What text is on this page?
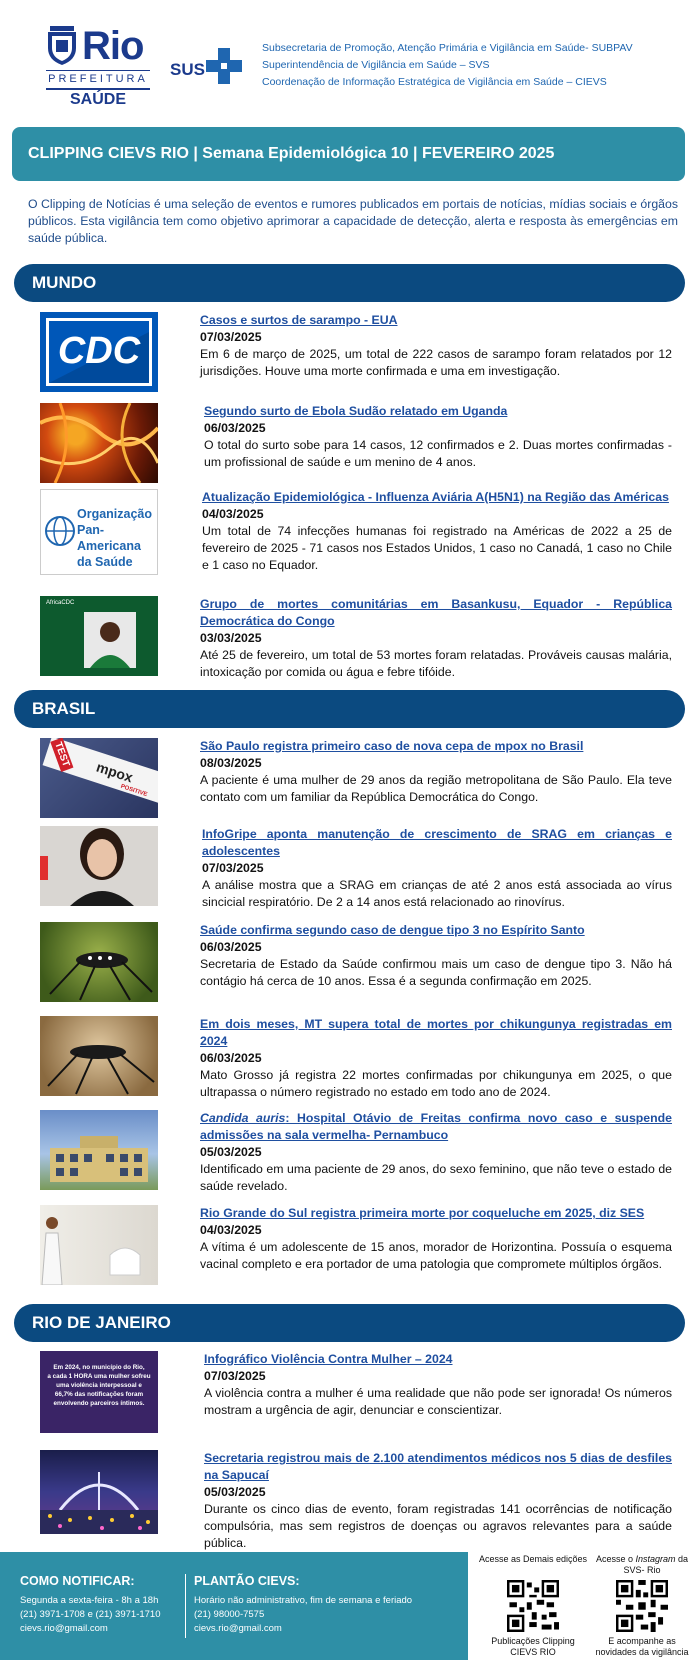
Rio
PREFEITURA
SAÚDE
SUS
Subsecretaria de Promoção, Atenção Primária e Vigilância em Saúde- SUBPAV
Superintendência de Vigilância em Saúde – SVS
Coordenação de Informação Estratégica de Vigilância em Saúde – CIEVS
CLIPPING CIEVS RIO | Semana Epidemiológica 10 | FEVEREIRO 2025
O Clipping de Notícias é uma seleção de eventos e rumores publicados em portais de notícias, mídias sociais e órgãos públicos. Esta vigilância tem como objetivo aprimorar a capacidade de detecção, alerta e resposta às emergências em saúde pública.
MUNDO
CDC
Casos e surtos de sarampo - EUA
07/03/2025
Em 6 de março de 2025, um total de 222 casos de sarampo foram relatados por 12 jurisdições. Houve uma morte confirmada e uma em investigação.
Segundo surto de Ebola Sudão relatado em Uganda
06/03/2025
O total do surto sobe para 14 casos, 12 confirmados e 2. Duas mortes confirmadas - um profissional de saúde e um menino de 4 anos.
Organização
Pan-Americana
da Saúde
Atualização Epidemiológica - Influenza Aviária A(H5N1) na Região das Américas
04/03/2025
Um total de 74 infecções humanas foi registrado na Américas de 2022 a 25 de fevereiro de 2025 - 71 casos nos Estados Unidos, 1 caso no Canadá, 1 caso no Chile e 1 caso no Equador.
AfricaCDC	Grupo de mortes comunitárias em Basankusu, Equador - República Democrática do Congo
03/03/2025
Até 25 de fevereiro, um total de 53 mortes foram relatadas. Prováveis causas malária, intoxicação por comida ou água e febre tifóide.
BRASIL
TEST
mpox
POSITIVE
São Paulo registra primeiro caso de nova cepa de mpox no Brasil
08/03/2025
A paciente é uma mulher de 29 anos da região metropolitana de São Paulo. Ela teve contato com um familiar da República Democrática do Congo.
InfoGripe aponta manutenção de crescimento de SRAG em crianças e adolescentes
07/03/2025
A análise mostra que a SRAG em crianças de até 2 anos está associada ao vírus sincicial respiratório. De 2 a 14 anos está relacionado ao rinovírus.
Saúde confirma segundo caso de dengue tipo 3 no Espírito Santo
06/03/2025
Secretaria de Estado da Saúde confirmou mais um caso de dengue tipo 3. Não há contágio há cerca de 10 anos. Essa é a segunda confirmação em 2025.
Em dois meses, MT supera total de mortes por chikungunya registradas em 2024
06/03/2025
Mato Grosso já registra 22 mortes confirmadas por chikungunya em 2025, o que ultrapassa o número registrado no estado em todo ano de 2024.
Candida auris: Hospital Otávio de Freitas confirma novo caso e suspende admissões na sala vermelha- Pernambuco
05/03/2025
Identificado em uma paciente de 29 anos, do sexo feminino, que não teve o estado de saúde revelado.
Rio Grande do Sul registra primeira morte por coqueluche em 2025, diz SES
04/03/2025
A vítima é um adolescente de 15 anos, morador de Horizontina. Possuía o esquema vacinal completo e era portador de uma patologia que compromete múltiplos órgãos.
RIO DE JANEIRO
Em 2024, no município do Rio,
a cada 1 HORA uma mulher sofreu
uma violência interpessoal e
66,7% das notificações foram
envolvendo parceiros íntimos.
Infográfico Violência Contra Mulher – 2024
07/03/2025
A violência contra a mulher é uma realidade que não pode ser ignorada! Os números mostram a urgência de agir, denunciar e conscientizar.
Secretaria registrou mais de 2.100 atendimentos médicos nos 5 dias de desfiles na Sapucaí
05/03/2025
Durante os cinco dias de evento, foram registradas 141 ocorrências de notificação compulsória, mas sem registros de doenças ou agravos relevantes para a saúde pública.
COMO NOTIFICAR:
Segunda a sexta-feira - 8h a 18h
(21) 3971-1708 e (21) 3971-1710
cievs.rio@gmail.com
PLANTÃO CIEVS:
Horário não administrativo, fim de semana e feriado
(21) 98000-7575
cievs.rio@gmail.com
Acesse as Demais edições
Publicações Clipping CIEVS RIO
Acesse o Instagram da SVS- Rio
E acompanhe as novidades da vigilância
